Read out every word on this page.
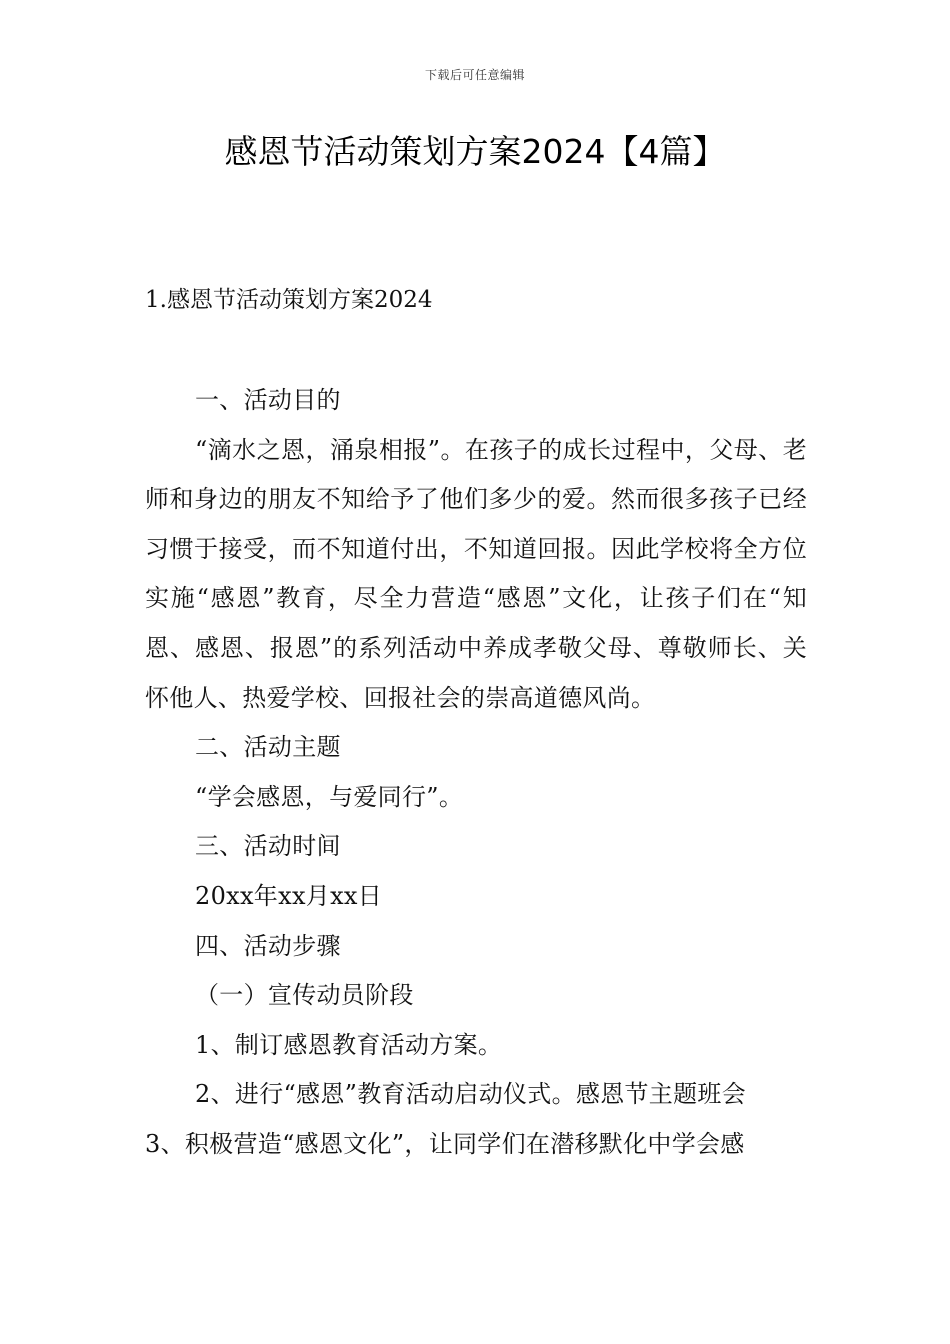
下载后可任意编辑
感恩节活动策划方案2024【4篇】
1.感恩节活动策划方案2024

一、活动目的

“滴水之恩，涌泉相报”。在孩子的成长过程中，父母、老师和身边的朋友不知给予了他们多少的爱。然而很多孩子已经习惯于接受，而不知道付出，不知道回报。因此学校将全方位实施“感恩”教育，尽全力营造“感恩”文化，让孩子们在“知恩、感恩、报恩”的系列活动中养成孝敬父母、尊敬师长、关怀他人、热爱学校、回报社会的崇高道德风尚。

二、活动主题

“学会感恩，与爱同行”。

三、活动时间

20xx年xx月xx日

四、活动步骤

（一）宣传动员阶段

1、制订感恩教育活动方案。

2、进行“感恩”教育活动启动仪式。感恩节主题班会

3、积极营造“感恩文化”，让同学们在潜移默化中学会感
